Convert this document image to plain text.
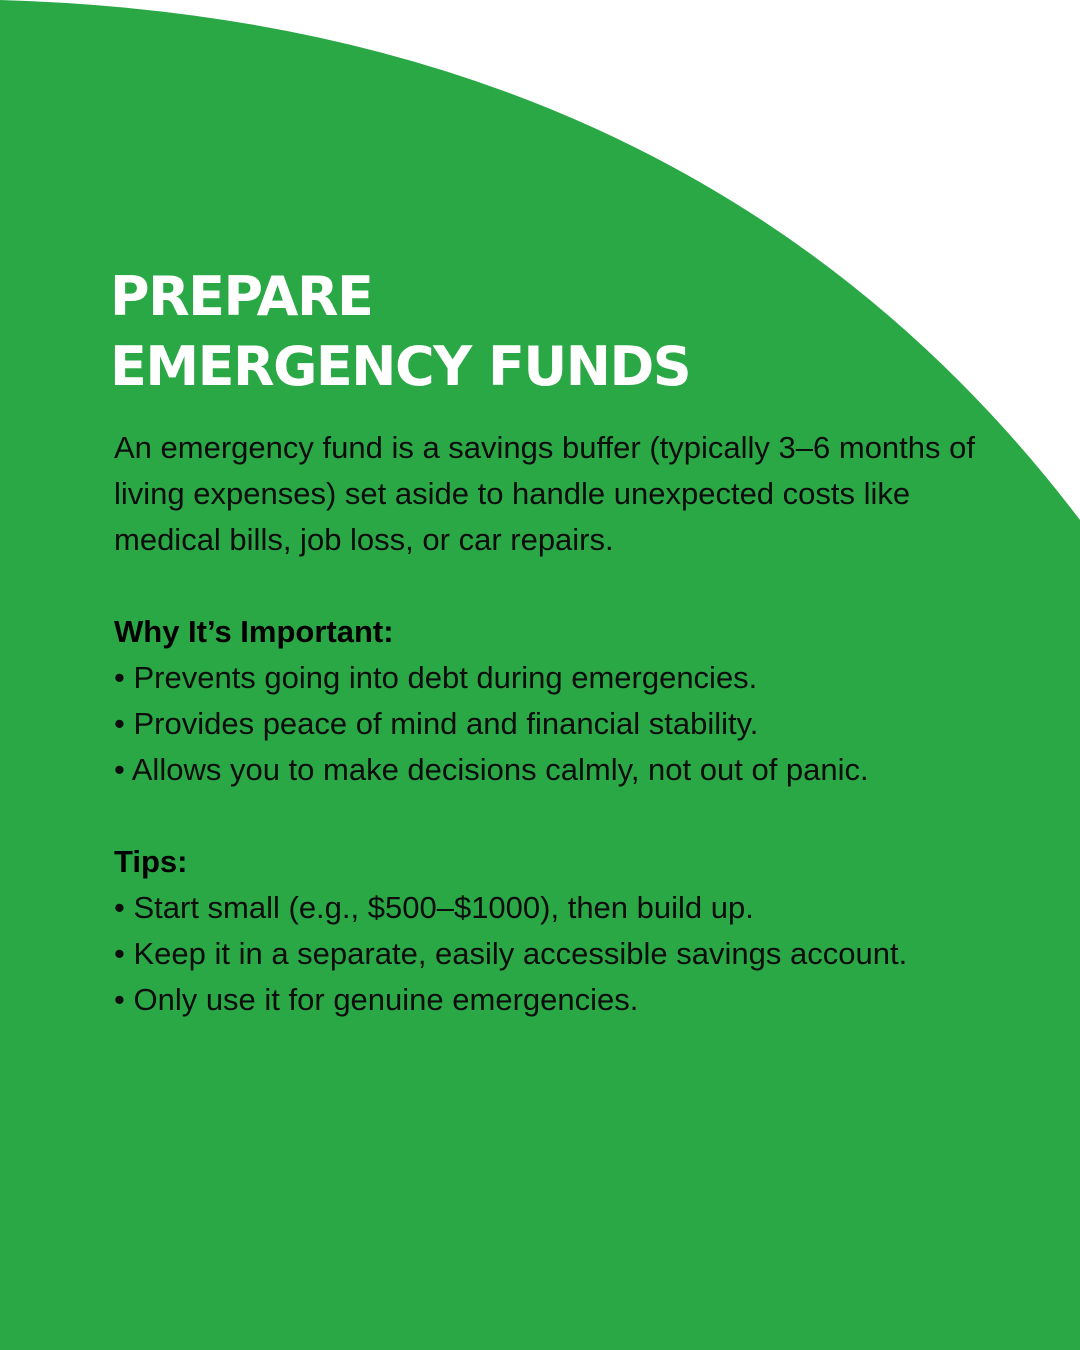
PREPARE
EMERGENCY FUNDS

An emergency fund is a savings buffer (typically 3–6 months of living expenses) set aside to handle unexpected costs like medical bills, job loss, or car repairs.

Why It’s Important:

• Prevents going into debt during emergencies.
• Provides peace of mind and financial stability.
• Allows you to make decisions calmly, not out of panic.

Tips:

• Start small (e.g., $500–$1000), then build up.
• Keep it in a separate, easily accessible savings account.
• Only use it for genuine emergencies.
